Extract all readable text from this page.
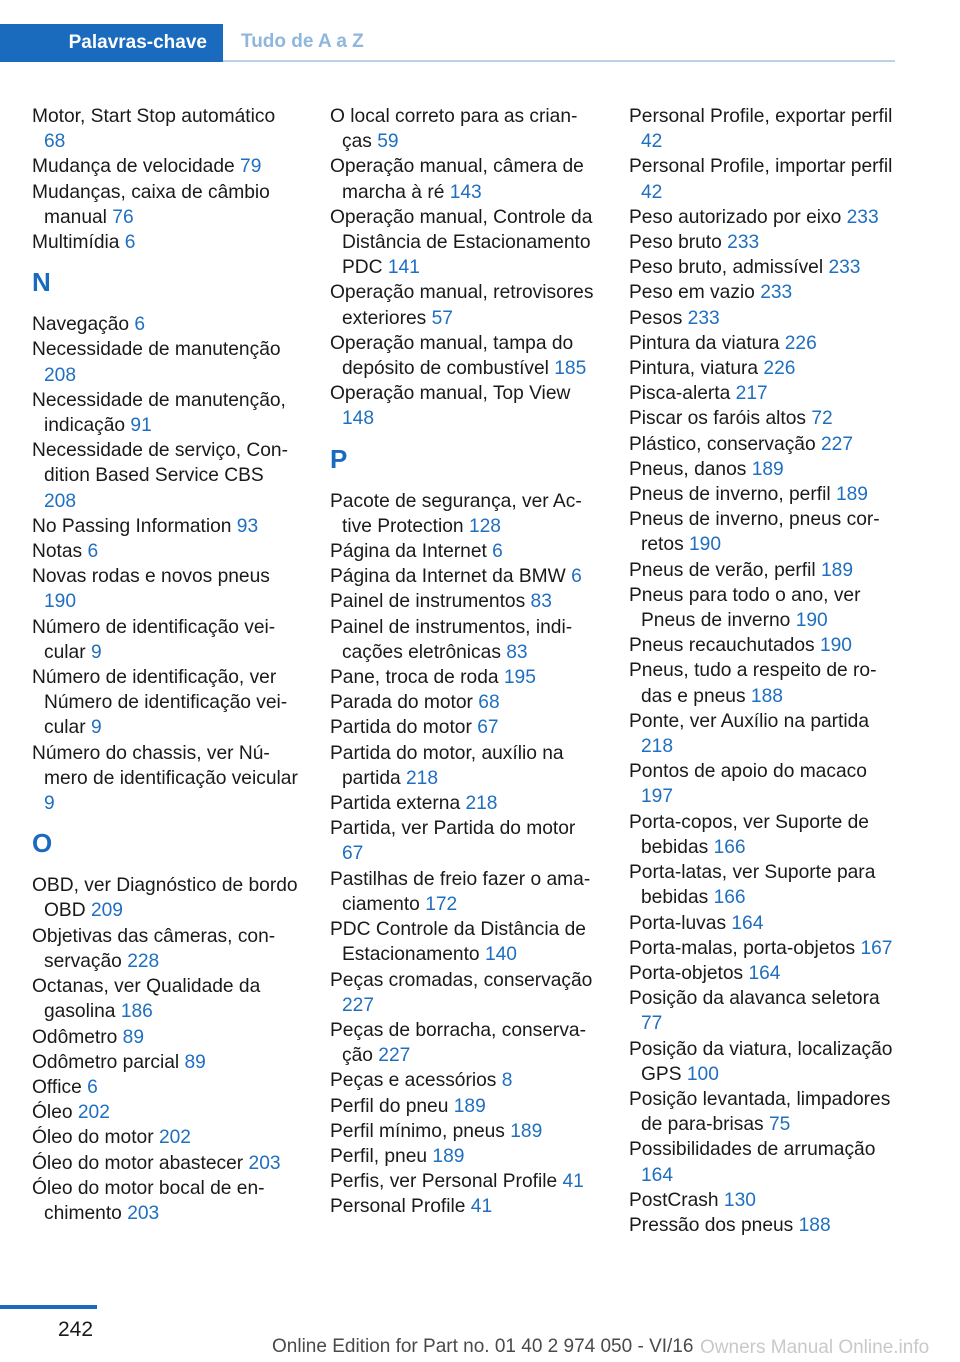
Palavras-chave	Tudo de A a Z
Motor, Start Stop automático 68
Mudança de velocidade 79
Mudanças, caixa de câmbio manual 76
Multimídia 6
N
Navegação 6
Necessidade de manutenção 208
Necessidade de manutenção, indicação 91
Necessidade de serviço, Condition Based Service CBS 208
No Passing Information 93
Notas 6
Novas rodas e novos pneus 190
Número de identificação veicular 9
Número de identificação, ver Número de identificação veicular 9
Número do chassis, ver Número de identificação veicular 9
O
OBD, ver Diagnóstico de bordo OBD 209
Objetivas das câmeras, conservação 228
Octanas, ver Qualidade da gasolina 186
Odômetro 89
Odômetro parcial 89
Office 6
Óleo 202
Óleo do motor 202
Óleo do motor abastecer 203
Óleo do motor bocal de enchimento 203
O local correto para as crianças 59
Operação manual, câmera de marcha à ré 143
Operação manual, Controle da Distância de Estacionamento PDC 141
Operação manual, retrovisores exteriores 57
Operação manual, tampa do depósito de combustível 185
Operação manual, Top View 148
P
Pacote de segurança, ver Active Protection 128
Página da Internet 6
Página da Internet da BMW 6
Painel de instrumentos 83
Painel de instrumentos, indicações eletrônicas 83
Pane, troca de roda 195
Parada do motor 68
Partida do motor 67
Partida do motor, auxílio na partida 218
Partida externa 218
Partida, ver Partida do motor 67
Pastilhas de freio fazer o amaciamento 172
PDC Controle da Distância de Estacionamento 140
Peças cromadas, conservação 227
Peças de borracha, conservação 227
Peças e acessórios 8
Perfil do pneu 189
Perfil mínimo, pneus 189
Perfil, pneu 189
Perfis, ver Personal Profile 41
Personal Profile 41
Personal Profile, exportar perfil 42
Personal Profile, importar perfil 42
Peso autorizado por eixo 233
Peso bruto 233
Peso bruto, admissível 233
Peso em vazio 233
Pesos 233
Pintura da viatura 226
Pintura, viatura 226
Pisca-alerta 217
Piscar os faróis altos 72
Plástico, conservação 227
Pneus, danos 189
Pneus de inverno, perfil 189
Pneus de inverno, pneus corretos 190
Pneus de verão, perfil 189
Pneus para todo o ano, ver Pneus de inverno 190
Pneus recauchutados 190
Pneus, tudo a respeito de rodas e pneus 188
Ponte, ver Auxílio na partida 218
Pontos de apoio do macaco 197
Porta-copos, ver Suporte de bebidas 166
Porta-latas, ver Suporte para bebidas 166
Porta-luvas 164
Porta-malas, porta-objetos 167
Porta-objetos 164
Posição da alavanca seletora 77
Posição da viatura, localização GPS 100
Posição levantada, limpadores de para-brisas 75
Possibilidades de arrumação 164
PostCrash 130
Pressão dos pneus 188
242
Online Edition for Part no. 01 40 2 974 050 - VI/16 Owners Manual Online.info
